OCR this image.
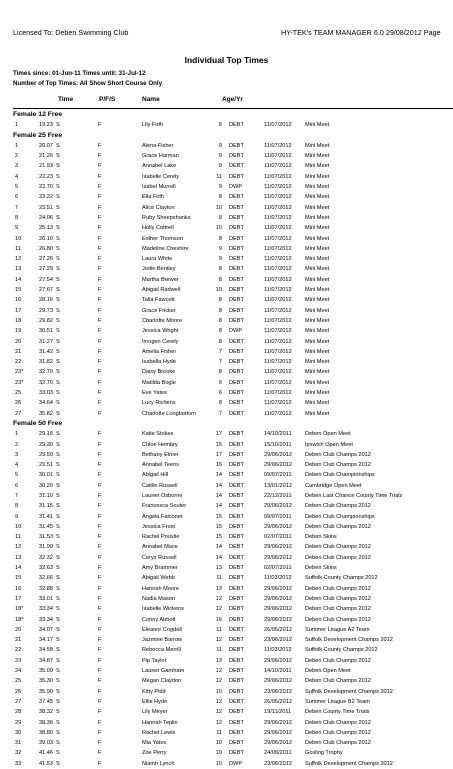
Licensed To: Deben Swimming Club	HY-TEK's TEAM MANAGER 6.0 29/08/2012 Page
Individual Top Times
Times since: 01-Jun-11 Times until: 31-Jul-12
Number of Top Times: All Show Short Course Only
Time	P/F/S	Name	Age/Yr
Female 12 Free
1	19.23 S	F	Lily Firth	6 DEBT	11/07/2012 Mini Meet
Female 25 Free
1	20.07 S	F	Alena Fisher	9 DEBT	11/07/2012 Mini Meet
2	21.26 S	F	Grace Harman	9 DEBT	11/07/2012 Mini Meet
3	21.93 S	F	Annabel Lake	9 DEBT	11/07/2012 Mini Meet
4	22.23 S	F	Isabelle Cerely	11 DEBT	11/07/2012 Mini Meet
5	22.70 S	F	Isabel Murrell	9 DWP	11/07/2012 Mini Meet
6	23.22 S	F	Ella Firth	8 DEBT	11/07/2012 Mini Meet
7	23.51 S	F	Alice Clayton	10 DEBT	11/07/2012 Mini Meet
8	24.06 S	F	Ruby Sheepshanks	8 DEBT	11/07/2012 Mini Meet
9	25.13 S	F	Holly Cottrell	10 DEBT	11/07/2012 Mini Meet
10	26.10 S	F	Esther Thomson	8 DEBT	11/07/2012 Mini Meet
11	26.80 S	F	Madeline Cheshire	9 DEBT	11/07/2012 Mini Meet
12	27.26 S	F	Laura White	9 DEBT	11/07/2012 Mini Meet
13	27.29 S	F	Jodie Bentley	8 DEBT	11/07/2012 Mini Meet
14	27.54 S	F	Martha Brewer	8 DEBT	11/07/2012 Mini Meet
15	27.67 S	F	Abigail Radwell	10 DEBT	11/07/2012 Mini Meet
16	28.16 S	F	Talia Fawcett	8 DEBT	11/07/2012 Mini Meet
17	29.73 S	F	Grace Fricker	8 DEBT	11/07/2012 Mini Meet
18	29.82 S	F	Charlotte Moore	8 DEBT	11/07/2012 Mini Meet
19	30.51 S	F	Jessica Wright	8 DWP	11/07/2012 Mini Meet
20	31.27 S	F	Imogen Cerely	8 DEBT	11/07/2012 Mini Meet
21	31.42 S	F	Amelia Fisher	7 DEBT	11/07/2012 Mini Meet
22	31.82 S	F	Isabella Hyde	7 DEBT	11/07/2012 Mini Meet
23*	32.70 S	F	Daisy Brooke	8 DEBT	11/07/2012 Mini Meet
23*	32.70 S	F	Matilda Bogle	6 DEBT	11/07/2012 Mini Meet
25	33.03 S	F	Eve Yates	6 DEBT	11/07/2012 Mini Meet
26	34.64 S	F	Lucy Richens	8 DEBT	11/07/2012 Mini Meet
27	35.82 S	F	Charlotte Longbottom	7 DEBT	11/07/2012 Mini Meet
Female 50 Free
1	29.16 S	F	Katie Stokes	17 DEBT	14/10/2011 Deben Open Meet
2	29.30 S	F	Chloe Hembry	15 DEBT	15/10/2011 Ipswich Open Meet
3	29.50 S	F	Bethany Elmer	17 DEBT	29/06/2012 Deben Club Champs 2012
4	29.51 S	F	Annabel Teens	16 DEBT	29/06/2012 Deben Club Champs 2012
5	30.01 S	F	Abigail Hill	14 DEBT	09/07/2011 Deben Club Championships
6	30.20 S	F	Caitlin Russell	14 DEBT	13/01/2012 Cambridge Open Meet
7	31.10 S	F	Lauren Osborne	14 DEBT	22/12/2011 Deben Last Chance County Time Trials
8	31.15 S	F	Francesca Souter	14 DEBT	29/06/2012 Deben Club Champs 2012
9	31.41 S	F	Angela Falconer	15 DEBT	09/07/2011 Deben Club Championships
10	31.45 S	F	Jessica Frost	15 DEBT	29/06/2012 Deben Club Champs 2012
11	31.53 S	F	Rachel Pouslie	15 DEBT	02/07/2011 Deben Skins
12	31.99 S	F	Annabel Mace	14 DEBT	29/06/2012 Deben Club Champs 2012
13	32.32 S	F	Cerys Russell	14 DEBT	29/06/2012 Deben Club Champs 2012
14	32.63 S	F	Amy Brammer	13 DEBT	02/07/2011 Deben Skins
15	32.66 S	F	Abigail Webb	11 DEBT	11/03/2012 Suffolk County Champs 2012
16	32.88 S	F	Hannah Moore	13 DEBT	29/06/2012 Deben Club Champs 2012
17	33.01 S	F	Nadia Mason	12 DEBT	29/06/2012 Deben Club Champs 2012
18*	33.34 S	F	Isabelle Wickens	12 DEBT	29/06/2012 Deben Club Champs 2012
18*	33.34 S	F	Conny Abbott	16 DEBT	29/06/2012 Deben Club Champs 2012
20	34.07 S	F	Eleanor Cogdell	11 DEBT	26/05/2012 Summer League A2 Team
21	34.17 S	F	Jazmine Barrow	12 DEBT	23/06/2012 Suffolk Development Champs 2012
22	34.58 S	F	Rebecca Merrill	11 DEBT	11/03/2012 Suffolk County Champs 2012
23	34.87 S	F	Pip Taylor	13 DEBT	29/06/2012 Deben Club Champs 2012
24	35.09 S	F	Lauren Garnham	12 DEBT	14/10/2011 Deben Open Meet
25	35.30 S	F	Megan Claydon	12 DEBT	29/06/2012 Deben Club Champs 2012
26	35.90 S	F	Kitty Pidd	10 DEBT	23/06/2012 Suffolk Development Champs 2012
27	37.45 S	F	Ellie Hyde	12 DEBT	26/05/2012 Summer League B2 Team
28	38.32 S	F	Lily Meyer	12 DEBT	19/11/2011 Deben County Time Trials
29	38.36 S	F	Hannah Teplin	12 DEBT	29/06/2012 Deben Club Champs 2012
30	38.80 S	F	Rachel Lewis	11 DEBT	29/06/2012 Deben Club Champs 2012
31	39.03 S	F	Mia Yates	10 DEBT	29/06/2012 Deben Club Champs 2012
32	41.46 S	F	Zoe Perry	10 DEBT	24/09/2011 Gosling Trophy
33	41.53 S	F	Niamh Lynch	10 DWP	23/06/2012 Suffolk Development Champs 2012
